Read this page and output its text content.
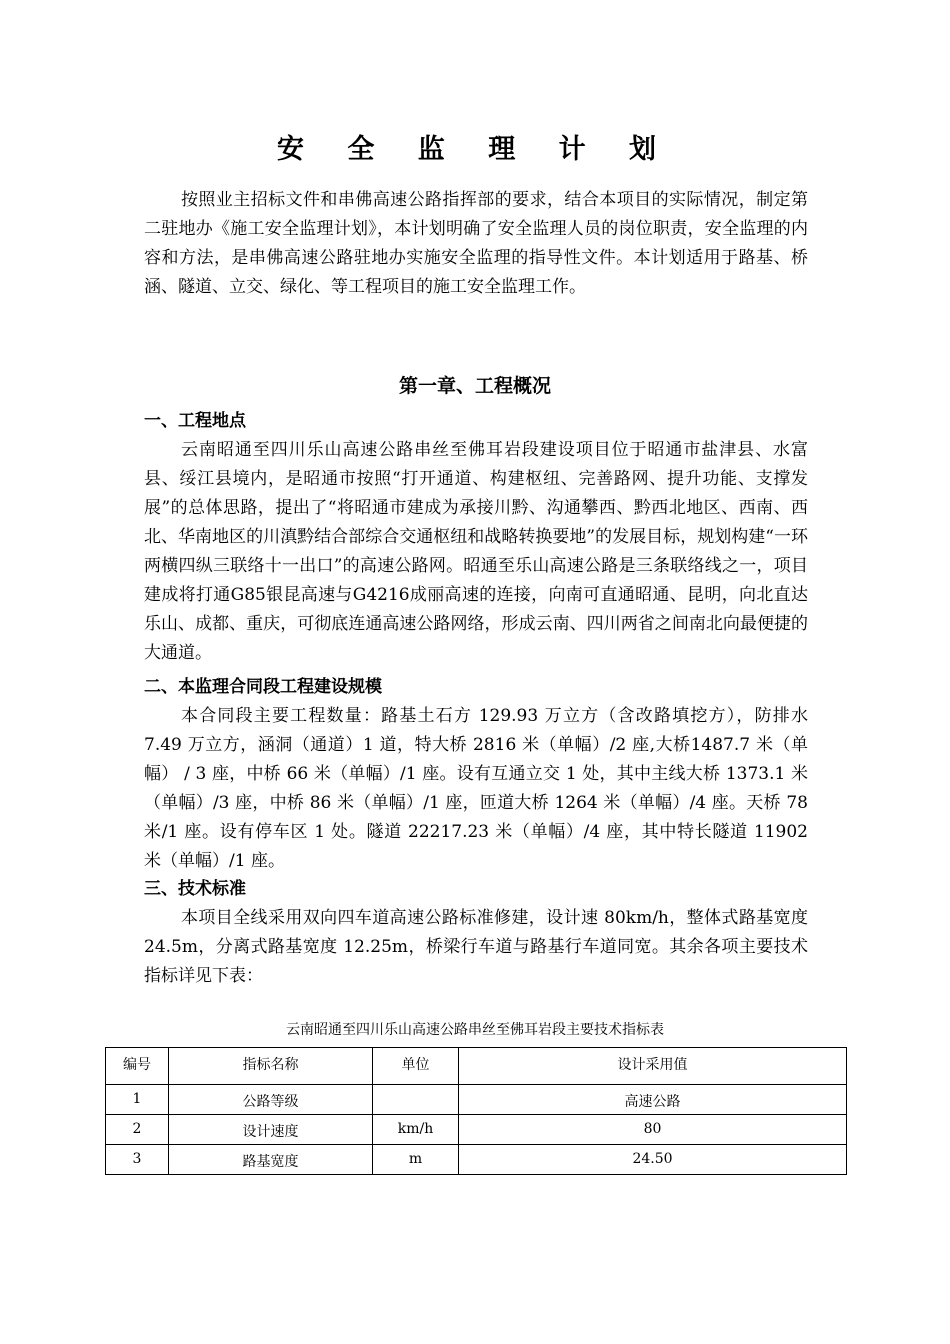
安 全 监 理 计 划

按照业主招标文件和串佛高速公路指挥部的要求，结合本项目的实际情况，制定第二驻地办《施工安全监理计划》，本计划明确了安全监理人员的岗位职责，安全监理的内容和方法，是串佛高速公路驻地办实施安全监理的指导性文件。本计划适用于路基、桥涵、隧道、立交、绿化、等工程项目的施工安全监理工作。

第一章、工程概况
一、工程地点

云南昭通至四川乐山高速公路串丝至佛耳岩段建设项目位于昭通市盐津县、水富县、绥江县境内，是昭通市按照“打开通道、构建枢纽、完善路网、提升功能、支撑发展”的总体思路，提出了“将昭通市建成为承接川黔、沟通攀西、黔西北地区、西南、西北、华南地区的川滇黔结合部综合交通枢纽和战略转换要地”的发展目标，规划构建“一环两横四纵三联络十一出口”的高速公路网。昭通至乐山高速公路是三条联络线之一，项目建成将打通G85银昆高速与G4216成丽高速的连接，向南可直通昭通、昆明，向北直达乐山、成都、重庆，可彻底连通高速公路网络，形成云南、四川两省之间南北向最便捷的大通道。

二、本监理合同段工程建设规模

本合同段主要工程数量：路基土石方 129.93 万立方（含改路填挖方），防排水 7.49 万立方，涵洞（通道）1 道，特大桥 2816 米（单幅）/2 座,大桥1487.7 米（单幅） / 3 座，中桥 66 米（单幅）/1 座。设有互通立交 1 处，其中主线大桥 1373.1 米（单幅）/3 座，中桥 86 米（单幅）/1 座，匝道大桥 1264 米（单幅）/4 座。天桥 78 米/1 座。设有停车区 1 处。隧道 22217.23 米（单幅）/4 座，其中特长隧道 11902 米（单幅）/1 座。

三、技术标准

本项目全线采用双向四车道高速公路标准修建，设计速 80km/h，整体式路基宽度 24.5m，分离式路基宽度 12.25m，桥梁行车道与路基行车道同宽。其余各项主要技术指标详见下表：

云南昭通至四川乐山高速公路串丝至佛耳岩段主要技术指标表
编号	指标名称	单位	设计采用值
1	公路等级		高速公路
2	设计速度	km/h	80
3	路基宽度	m	24.50
